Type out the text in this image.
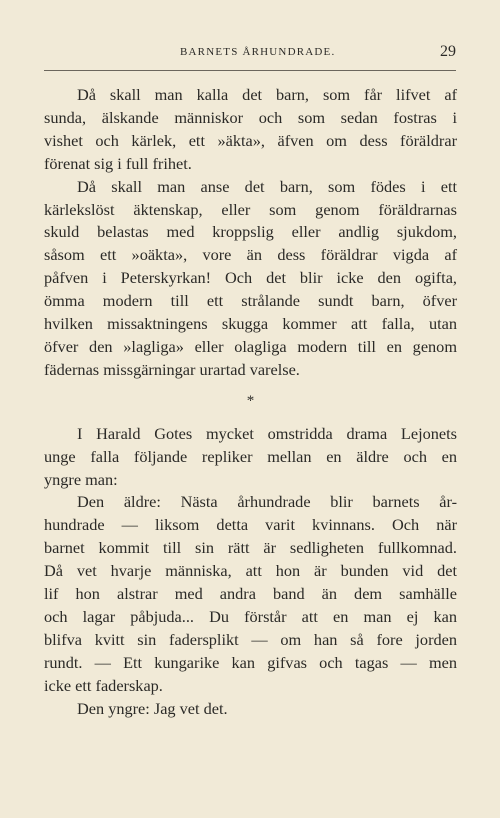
BARNETS ÅRHUNDRADE.	29

Då skall man kalla det barn, som får lifvet af
sunda, älskande människor och som sedan fostras i
vishet och kärlek, ett »äkta», äfven om dess föräldrar
förenat sig i full frihet.

Då skall man anse det barn, som födes i ett
kärlekslöst äktenskap, eller som genom föräldrarnas
skuld belastas med kroppslig eller andlig sjukdom,
såsom ett »oäkta», vore än dess föräldrar vigda af
påfven i Peterskyrkan! Och det blir icke den ogifta,
ömma modern till ett strålande sundt barn, öfver
hvilken missaktningens skugga kommer att falla, utan
öfver den »lagliga» eller olagliga modern till en genom
fädernas missgärningar urartad varelse.

*

I Harald Gotes mycket omstridda drama Lejonets
unge falla följande repliker mellan en äldre och en
yngre man:

Den äldre: Nästa århundrade blir barnets år-
hundrade — liksom detta varit kvinnans. Och när
barnet kommit till sin rätt är sedligheten fullkomnad.
Då vet hvarje människa, att hon är bunden vid det
lif hon alstrar med andra band än dem samhälle
och lagar påbjuda... Du förstår att en man ej kan
blifva kvitt sin fadersplikt — om han så fore jorden
rundt. — Ett kungarike kan gifvas och tagas — men
icke ett faderskap.

Den yngre: Jag vet det.
